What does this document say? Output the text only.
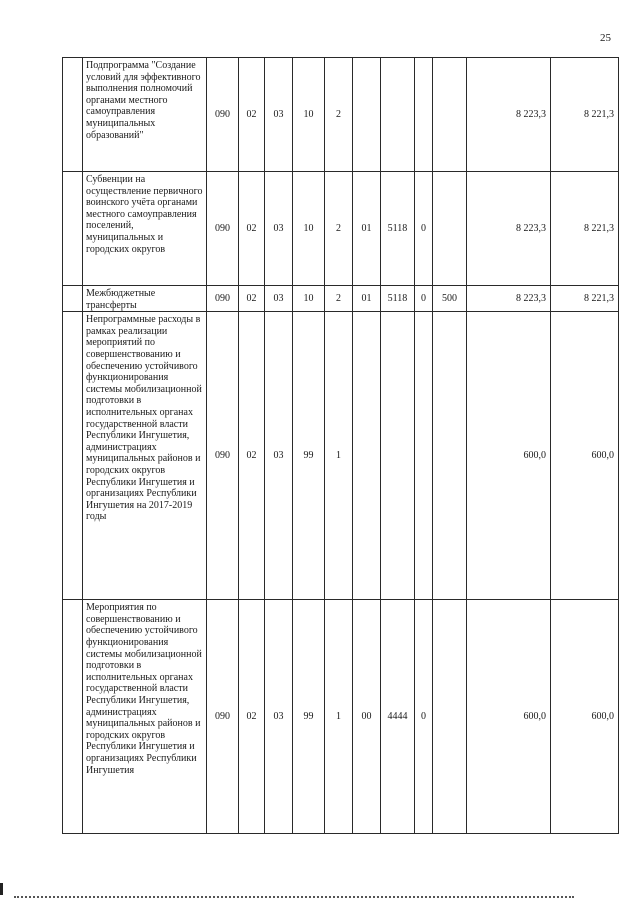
25
	Подпрограмма "Создание условий для эффективного выполнения полномочий органами местного самоуправления муниципальных образований"	090	02	03	10	2					8 223,3	8 221,3
	Субвенции на осуществление первичного воинского учёта органами местного самоуправления поселений, муниципальных и городских округов	090	02	03	10	2	01	5118	0		8 223,3	8 221,3
	Межбюджетные трансферты	090	02	03	10	2	01	5118	0	500	8 223,3	8 221,3
	Непрограммные расходы в рамках реализации мероприятий по совершенствованию и обеспечению устойчивого функционирования системы мобилизационной подготовки в исполнительных органах государственной власти Республики Ингушетия, администрациях муниципальных районов и городских округов Республики Ингушетия и организациях Республики Ингушетия на 2017-2019 годы	090	02	03	99	1					600,0	600,0
	Мероприятия по совершенствованию и обеспечению устойчивого функционирования системы мобилизационной подготовки в исполнительных органах государственной власти Республики Ингушетия, администрациях муниципальных районов и городских округов Республики Ингушетия и организациях Республики Ингушетия	090	02	03	99	1	00	4444	0		600,0	600,0
